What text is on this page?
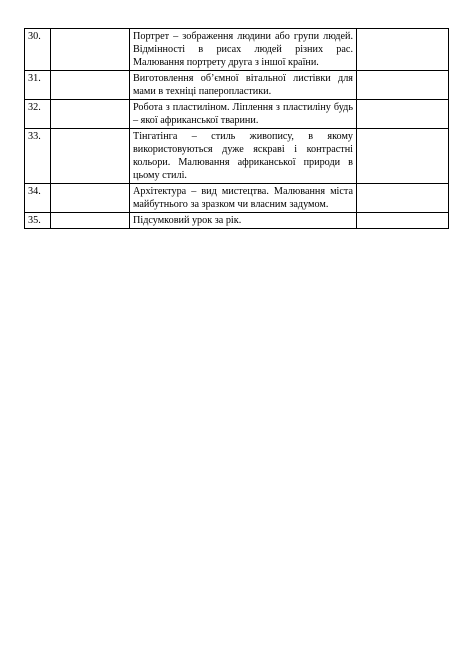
30.		Портрет – зображення людини або групи людей. Відмінності в рисах людей різних рас. Малювання портрету друга з іншої країни.	
31.		Виготовлення об’ємної вітальної листівки для мами в техніці паперопластики.	
32.		Робота з пластиліном. Ліплення з пластиліну будь – якої африканської тварини.	
33.		Тінгатінга – стиль живопису, в якому використовуються дуже яскраві і контрастні кольори. Малювання африканської природи в цьому стилі.	
34.		Архітектура – вид мистецтва. Малювання міста майбутнього за зразком чи власним задумом.	
35.		Підсумковий урок за рік.	
